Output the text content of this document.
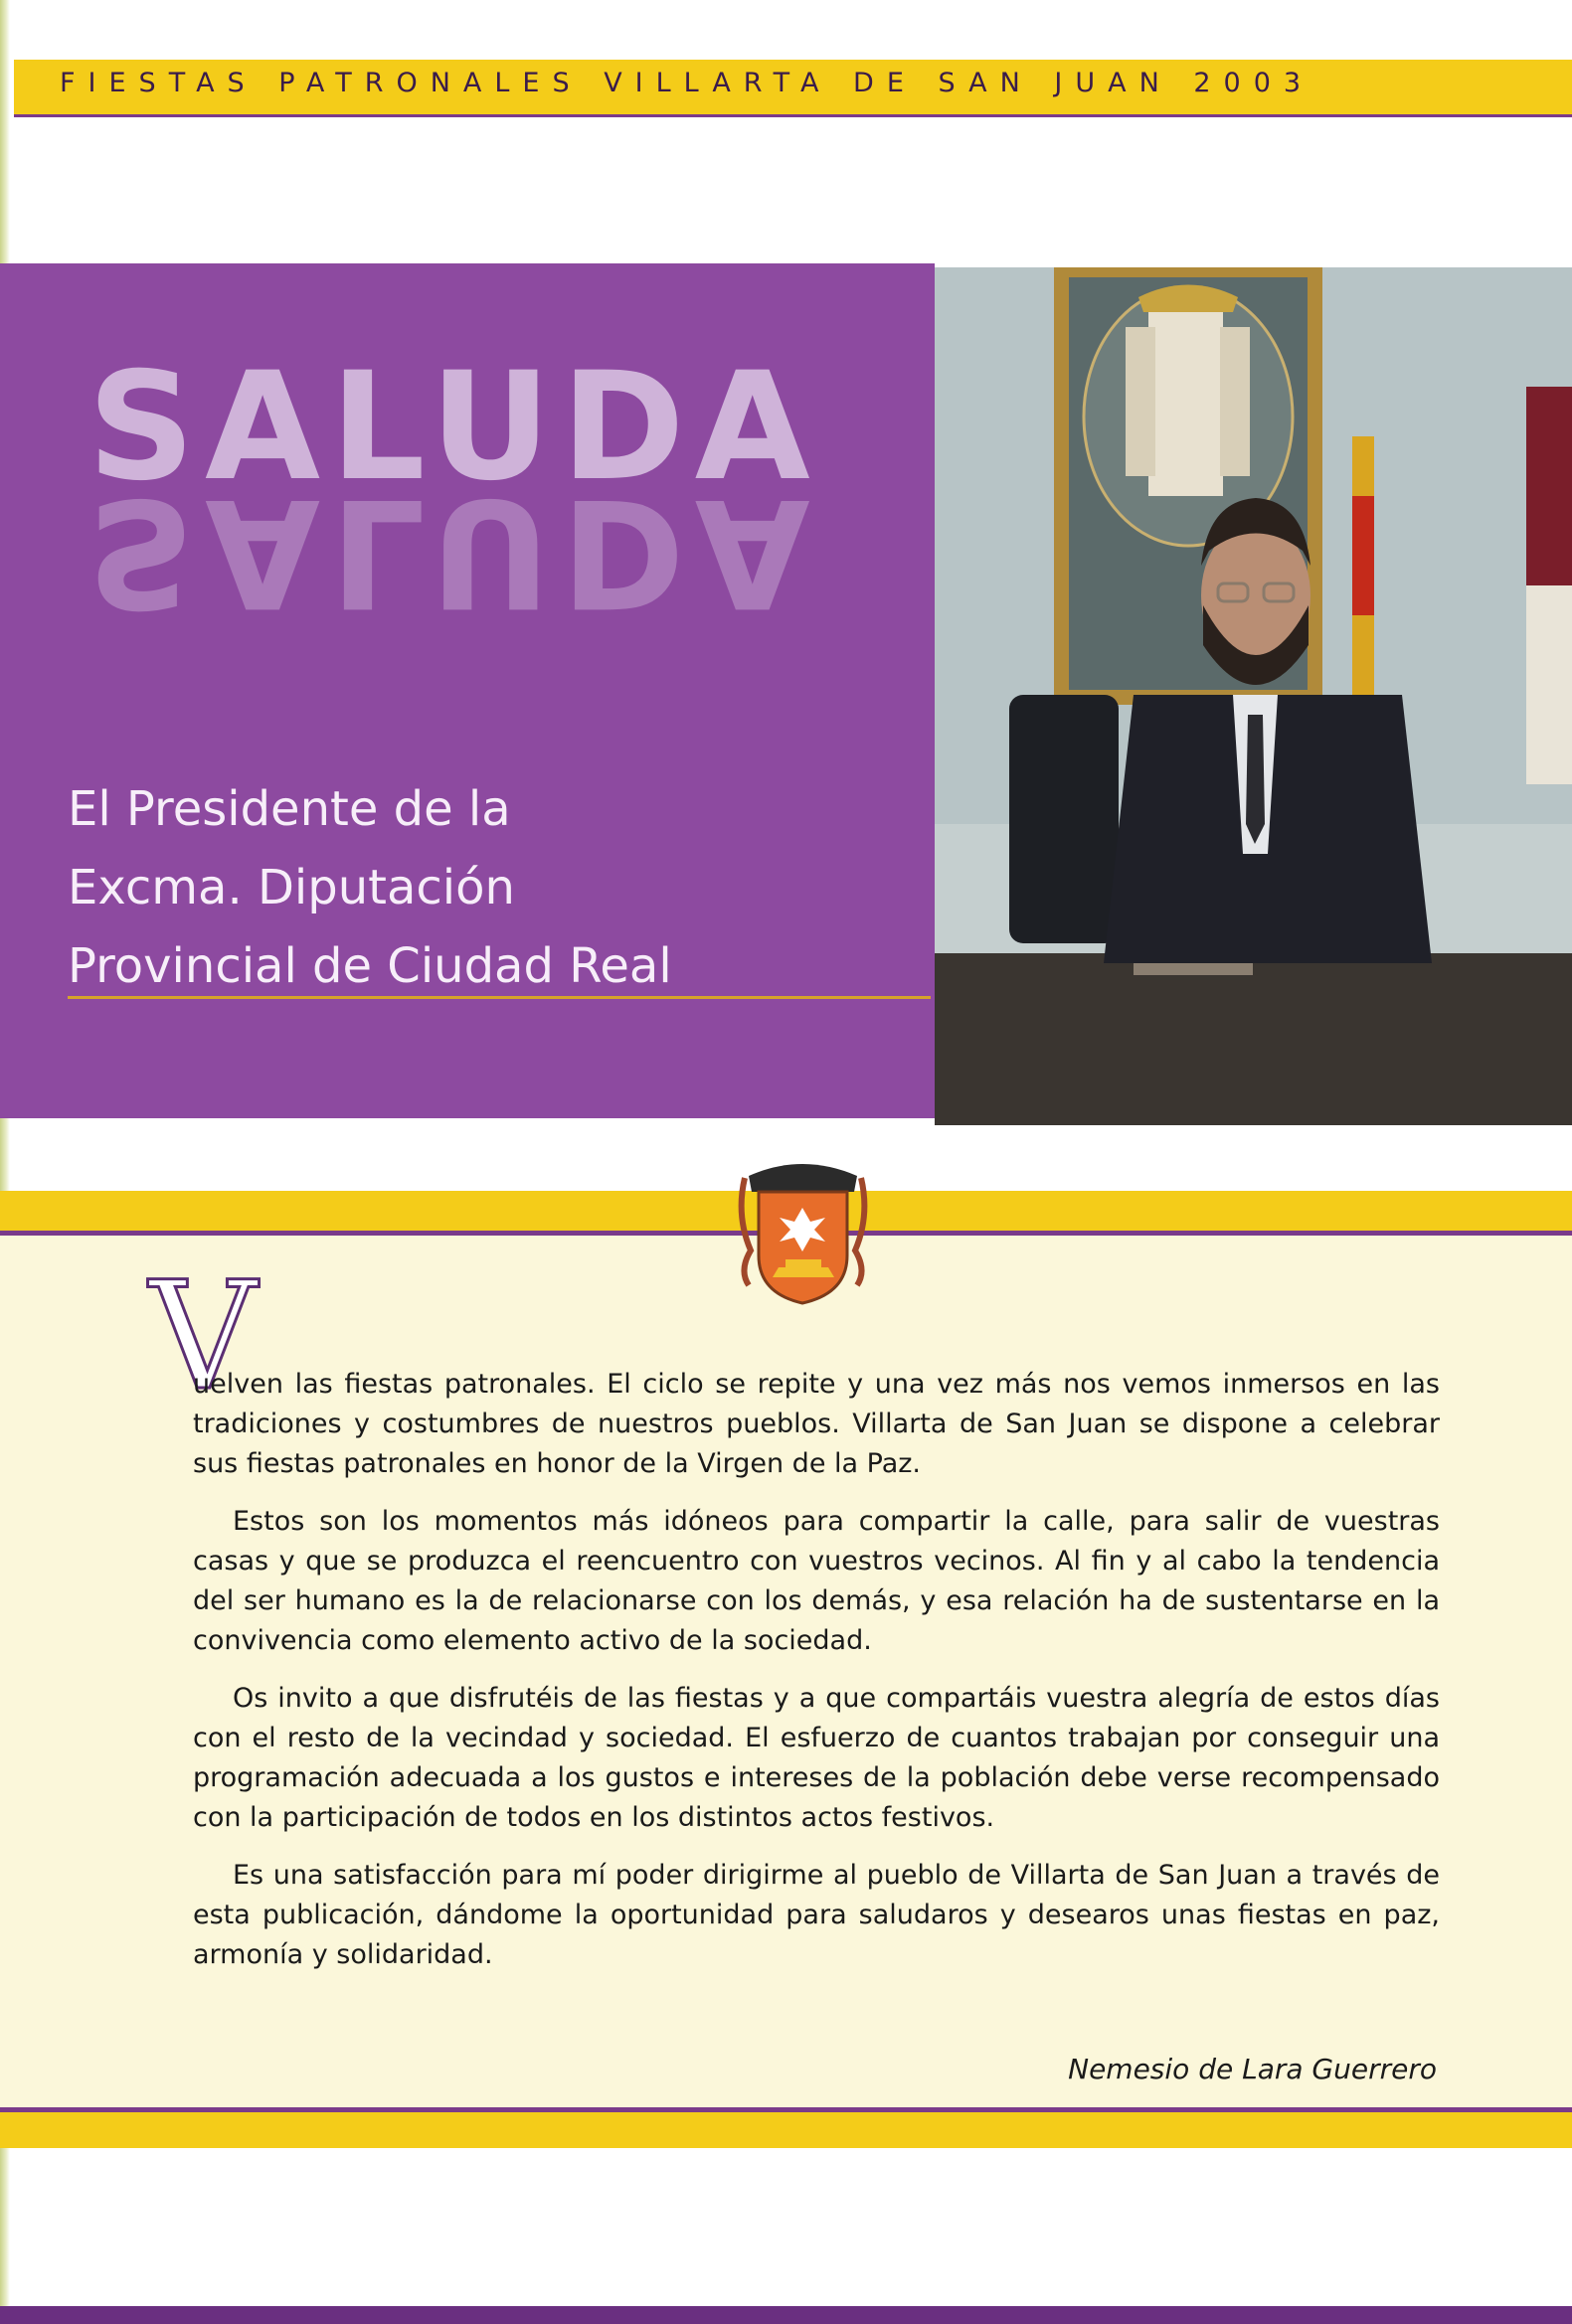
FIESTAS PATRONALES VILLARTA DE SAN JUAN 2003
SALUDA
SALUDA
El Presidente de la
Excma. Diputación
Provincial de Ciudad Real
V

uelven las fiestas patronales. El ciclo se repite y una vez más nos vemos inmersos en las tradiciones y costumbres de nuestros pueblos. Villarta de San Juan se dispone a celebrar sus fiestas patronales en honor de la Virgen de la Paz.

Estos son los momentos más idóneos para compartir la calle, para salir de vuestras casas y que se produzca el reencuentro con vuestros vecinos. Al fin y al cabo la tendencia del ser humano es la de relacionarse con los demás, y esa relación ha de sustentarse en la convivencia como elemento activo de la sociedad.

Os invito a que disfrutéis de las fiestas y a que compartáis vuestra alegría de estos días con el resto de la vecindad y sociedad. El esfuerzo de cuantos trabajan por conseguir una programación adecuada a los gustos e intereses de la población debe verse recompensado con la participación de todos en los distintos actos festivos.

Es una satisfacción para mí poder dirigirme al pueblo de Villarta de San Juan a través de esta publicación, dándome la oportunidad para saludaros y desearos unas fiestas en paz, armonía y solidaridad.

Nemesio de Lara Guerrero
